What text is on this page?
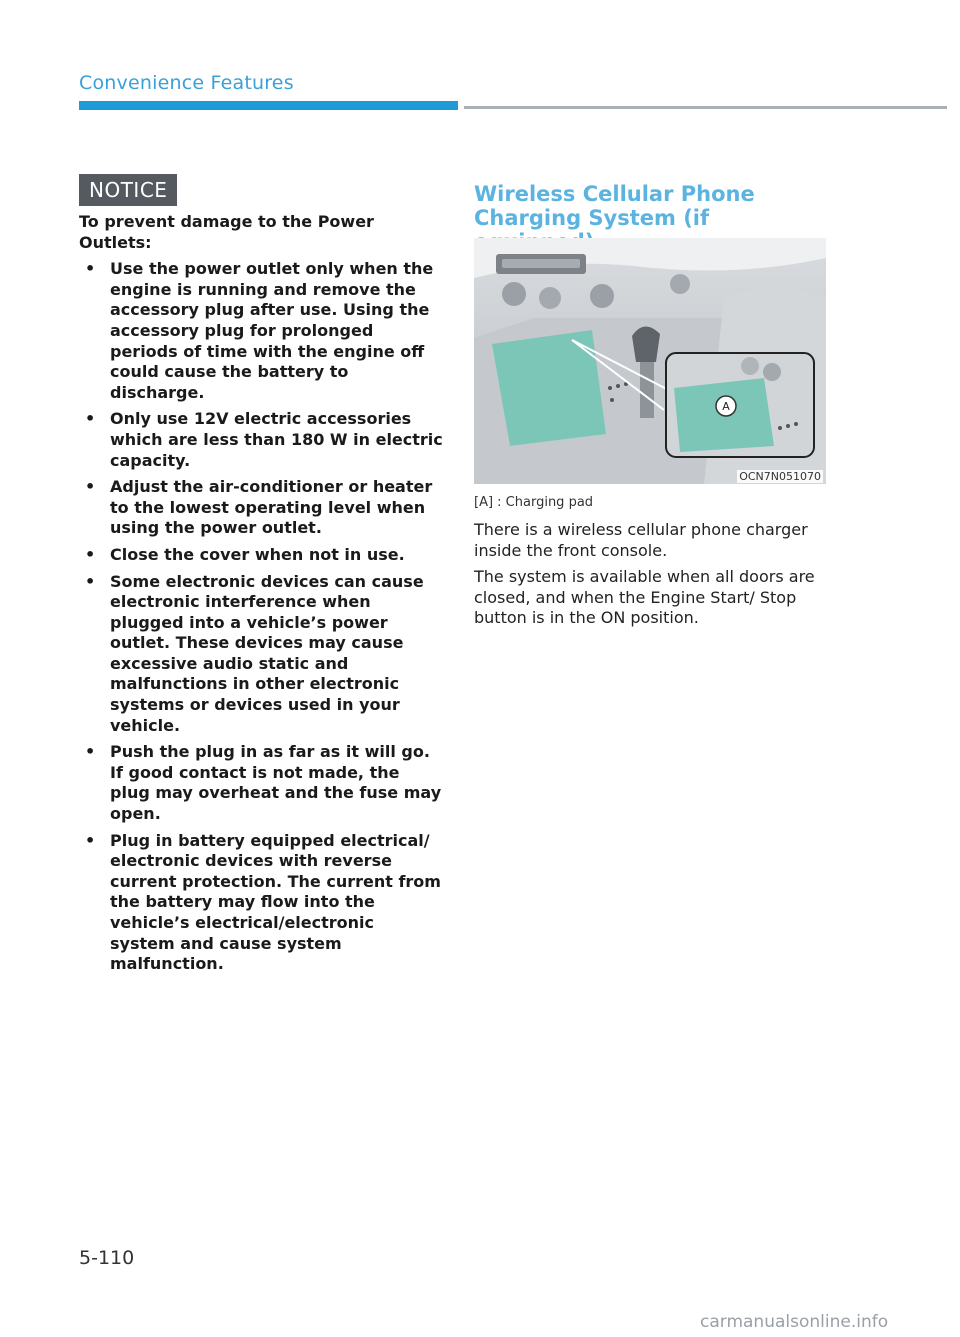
Convenience Features
NOTICE

To prevent damage to the Power Outlets:

• Use the power outlet only when the engine is running and remove the accessory plug after use. Using the accessory plug for prolonged periods of time with the engine off could cause the battery to discharge.
• Only use 12V electric accessories which are less than 180 W in electric capacity.
• Adjust the air-conditioner or heater to the lowest operating level when using the power outlet.
• Close the cover when not in use.
• Some electronic devices can cause electronic interference when plugged into a vehicle’s power outlet. These devices may cause excessive audio static and malfunctions in other electronic systems or devices used in your vehicle.
• Push the plug in as far as it will go. If good contact is not made, the plug may overheat and the fuse may open.
• Plug in battery equipped electrical/ electronic devices with reverse current protection. The current from the battery may flow into the vehicle’s electrical/electronic system and cause system malfunction.
Wireless Cellular Phone Charging System (if
A
OCN7N051070
[A] : Charging pad

There is a wireless cellular phone charger inside the front console.

The system is available when all doors are closed, and when the Engine Start/ Stop button is in the ON position.

5-110
carmanualsonline.info
